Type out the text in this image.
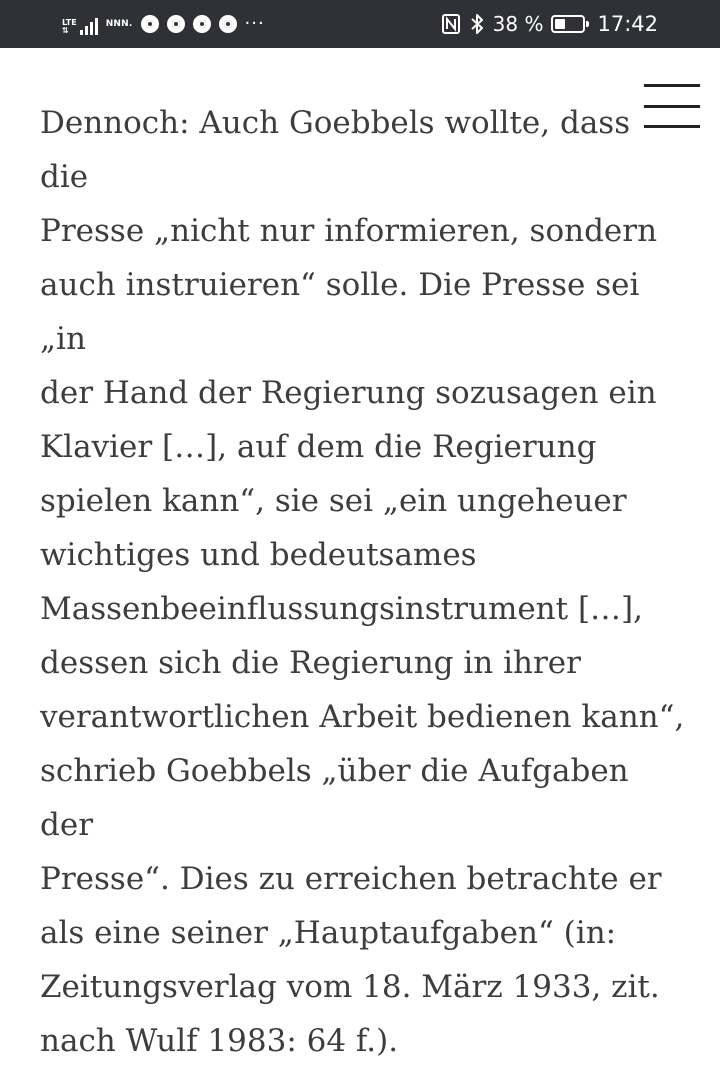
LTE
⇅
NNN.	···	38 %	17:42

Dennoch: Auch Goebbels wollte, dass die
Presse „nicht nur informieren, sondern
auch instruieren“ solle. Die Presse sei „in
der Hand der Regierung sozusagen ein
Klavier […], auf dem die Regierung
spielen kann“, sie sei „ein ungeheuer
wichtiges und bedeutsames
Massenbeeinflussungsinstrument […],
dessen sich die Regierung in ihrer
verantwortlichen Arbeit bedienen kann“,
schrieb Goebbels „über die Aufgaben der
Presse“. Dies zu erreichen betrachte er
als eine seiner „Hauptaufgaben“ (in:
Zeitungsverlag vom 18. März 1933, zit.
nach Wulf 1983: 64 f.).
